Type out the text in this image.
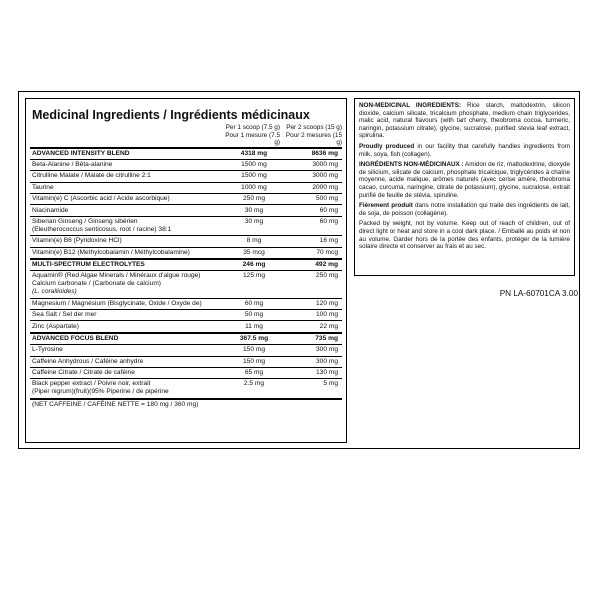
Medicinal Ingredients / Ingrédients médicinaux
Per 1 scoop (7.5 g)
Pour 1 mesure (7.5 g)
Per 2 scoops (15 g)
Pour 2 mesures (15 g)
ADVANCED INTENSITY BLEND	4318 mg	8636 mg
Beta-Alanine / Bêta-alanine	1500 mg	3000 mg
Citrulline Malate / Malate de citrulline 2:1	1500 mg	3000 mg
Taurine	1000 mg	2000 mg
Vitamin(e) C (Ascorbic acid / Acide ascorbique)	250 mg	500 mg
Niacinamide	30 mg	60 mg
Siberian Ginseng / Ginseng sibérien
(Eleutherococcus senticosus, root / racine) 38:1
30 mg	60 mg
Vitamin(e) B6 (Pyridoxine HCl)	8 mg	16 mg
Vitamin(e) B12 (Methylcobalamin / Méthylcobalamine)	35 mcg	70 mcg
MULTI-SPECTRUM ELECTROLYTES	246 mg	492 mg
Aquamin® (Red Algae Minerals / Minéraux d'algue rouge)
Calcium carbonate / (Carbonate de calcium)
(L. corallioides)
125 mg	250 mg
Magnesium / Magnésium (Bisglycinate, Oxide / Oxyde de)	60 mg	120 mg
Sea Salt / Sel der mer	50 mg	100 mg
Zinc (Aspartate)	11 mg	22 mg
ADVANCED FOCUS BLEND	367.5 mg	735 mg
L-Tyrosine	150 mg	300 mg
Caffeine Anhydrous / Caféine anhydre	150 mg	300 mg
Caffeine Citrate / Citrate de caféine	65 mg	130 mg
Black pepper extract / Poivre noir, extrait
(Piper nigrum)(fruit)(95% Piperine / de pipérine
2.5 mg	5 mg
(NET CAFFEINE / CAFÉINE NETTE = 180 mg / 360 mg)

NON-MEDICINAL INGREDIENTS: Rice starch, maltodextrin, silicon dioxide, calcium silicate, tricalcium phosphate, medium chain triglycerides, malic acid, natural flavours (with tart cherry, theobroma cocoa, turmeric, naringin, potassium citrate), glycine, sucralose, purified stevia leaf extract, spirulina.

Proudly produced in our facility that carefully handles ingredients from milk, soya, fish (collagen).

INGRÉDIENTS NON-MÉDICINAUX : Amidon de riz, maltodextrine, dioxyde de silicium, silicate de calcium, phosphate tricalcique, triglycérides à chaîne moyenne, acide malique, arômes naturels (avec cerise amère, theobroma cacao, curcuma, naringine, citrate de potassium), glycine, sucralose, extrait purifié de feuille de stévia, spiruline.

Fièrement produit dans notre installation qui traite des ingrédients de lait, de soja, de poisson (collagène).

Packed by weight, not by volume. Keep out of reach of children, out of direct light or heat and store in a cool dark place. / Emballé au poids et non au volume. Garder hors de la portée des enfants, protéger de la lumière solaire directe et conserver au frais et au sec.

PN LA-60701CA 3.00
